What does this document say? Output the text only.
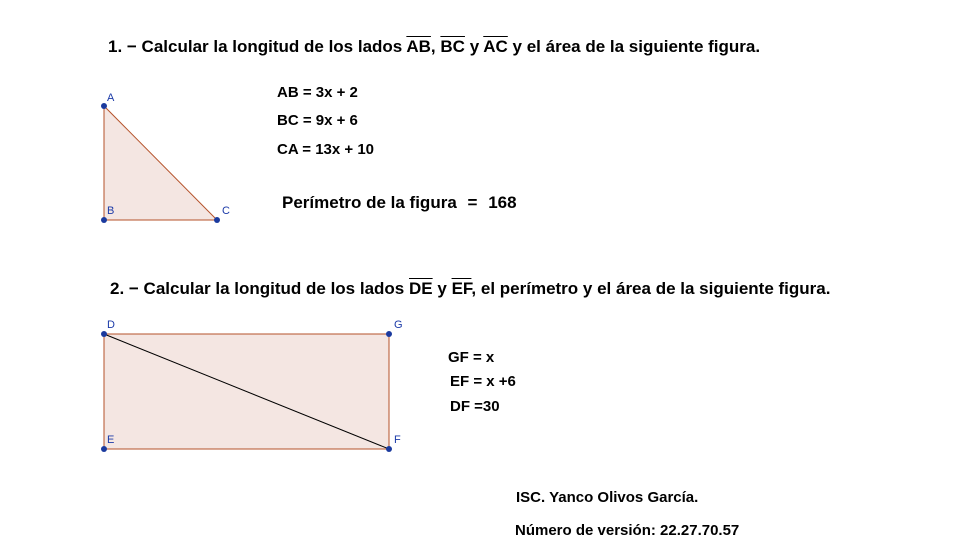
1. − Calcular la longitud de los lados $\overline{AB}$, $\overline{BC}$ y $\overline{AC}$ y el área de la siguiente figura.
AB = 3x + 2
BC = 9x + 6
CA = 13x + 10
Perímetro de la figura = 168
2. − Calcular la longitud de los lados $\overline{DE}$ y $\overline{EF}$, el perímetro y el área de la siguiente figura.
GF = x
EF = x +6
DF =30
ISC. Yanco Olivos García.
Número de versión: 22.27.70.57
A
B	C
D	G
E	F
